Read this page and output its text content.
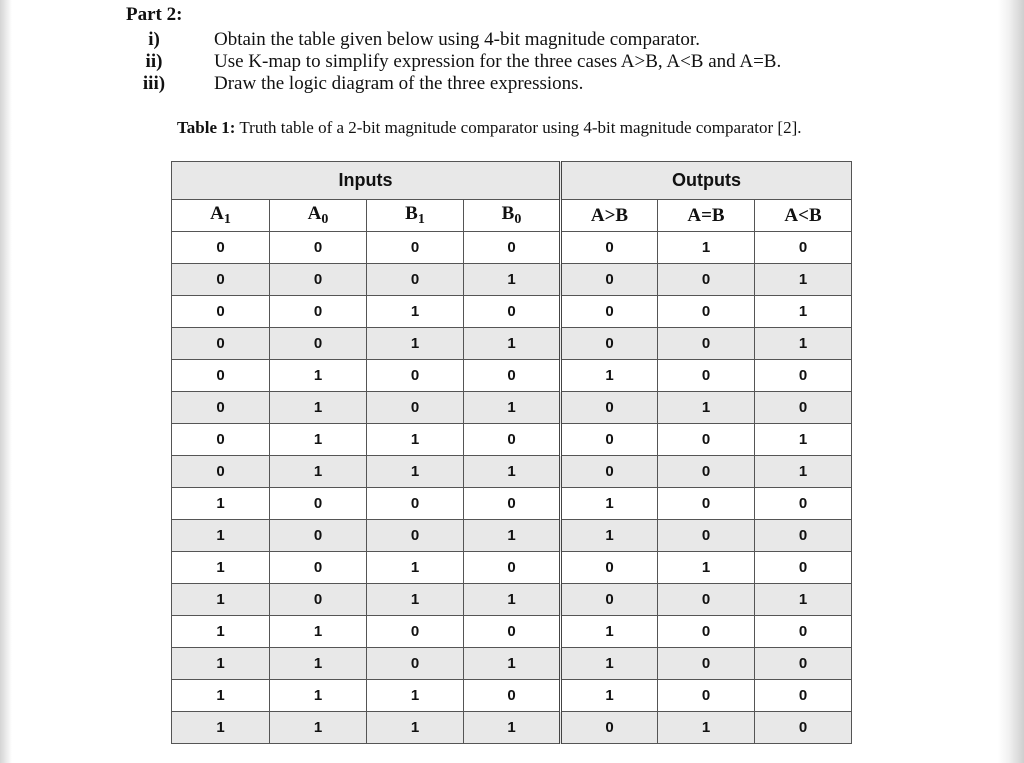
Part 2:
i)	Obtain the table given below using 4-bit magnitude comparator.
ii)	Use K-map to simplify expression for the three cases A>B, A<B and A=B.
iii)	Draw the logic diagram of the three expressions.
Table 1: Truth table of a 2-bit magnitude comparator using 4-bit magnitude comparator [2].
Inputs				Outputs		
$A_1$	$A_0$	$B_1$	$B_0$	A>B	A=B	A<B
0	0	0	0	0	1	0
0	0	0	1	0	0	1
0	0	1	0	0	0	1
0	0	1	1	0	0	1
0	1	0	0	1	0	0
0	1	0	1	0	1	0
0	1	1	0	0	0	1
0	1	1	1	0	0	1
1	0	0	0	1	0	0
1	0	0	1	1	0	0
1	0	1	0	0	1	0
1	0	1	1	0	0	1
1	1	0	0	1	0	0
1	1	0	1	1	0	0
1	1	1	0	1	0	0
1	1	1	1	0	1	0
